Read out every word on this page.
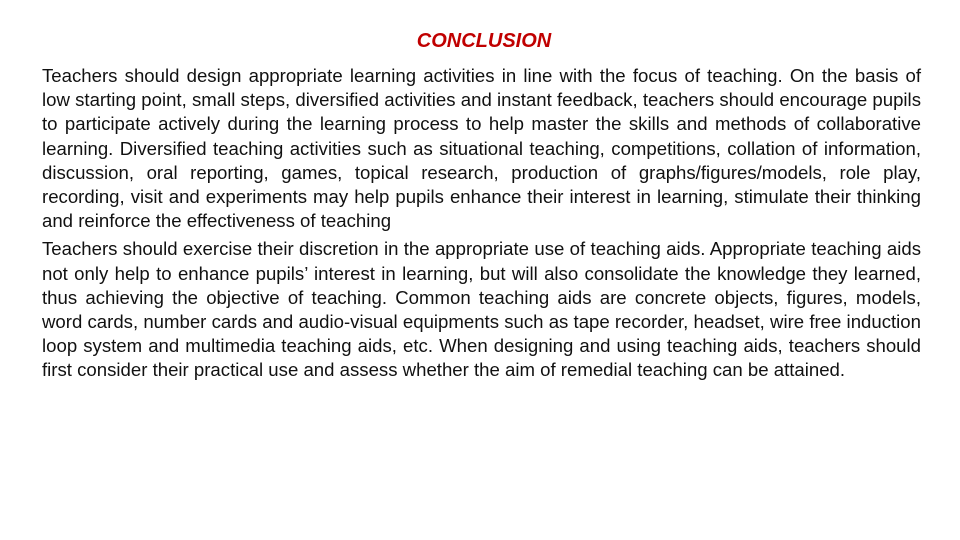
CONCLUSION

Teachers should design appropriate learning activities in line with the focus of teaching. On the basis of low starting point, small steps, diversified activities and instant feedback, teachers should encourage pupils to participate actively during the learning process to help master the skills and methods of collaborative learning. Diversified teaching activities such as situational teaching, competitions, collation of information, discussion, oral reporting, games, topical research, production of graphs/figures/models, role play, recording, visit and experiments may help pupils enhance their interest in learning, stimulate their thinking and reinforce the effectiveness of teaching

Teachers should exercise their discretion in the appropriate use of teaching aids. Appropriate teaching aids not only help to enhance pupils’ interest in learning, but will also consolidate the knowledge they learned, thus achieving the objective of teaching. Common teaching aids are concrete objects, figures, models, word cards, number cards and audio-visual equipments such as tape recorder, headset, wire free induction loop system and multimedia teaching aids, etc. When designing and using teaching aids, teachers should first consider their practical use and assess whether the aim of remedial teaching can be attained.
